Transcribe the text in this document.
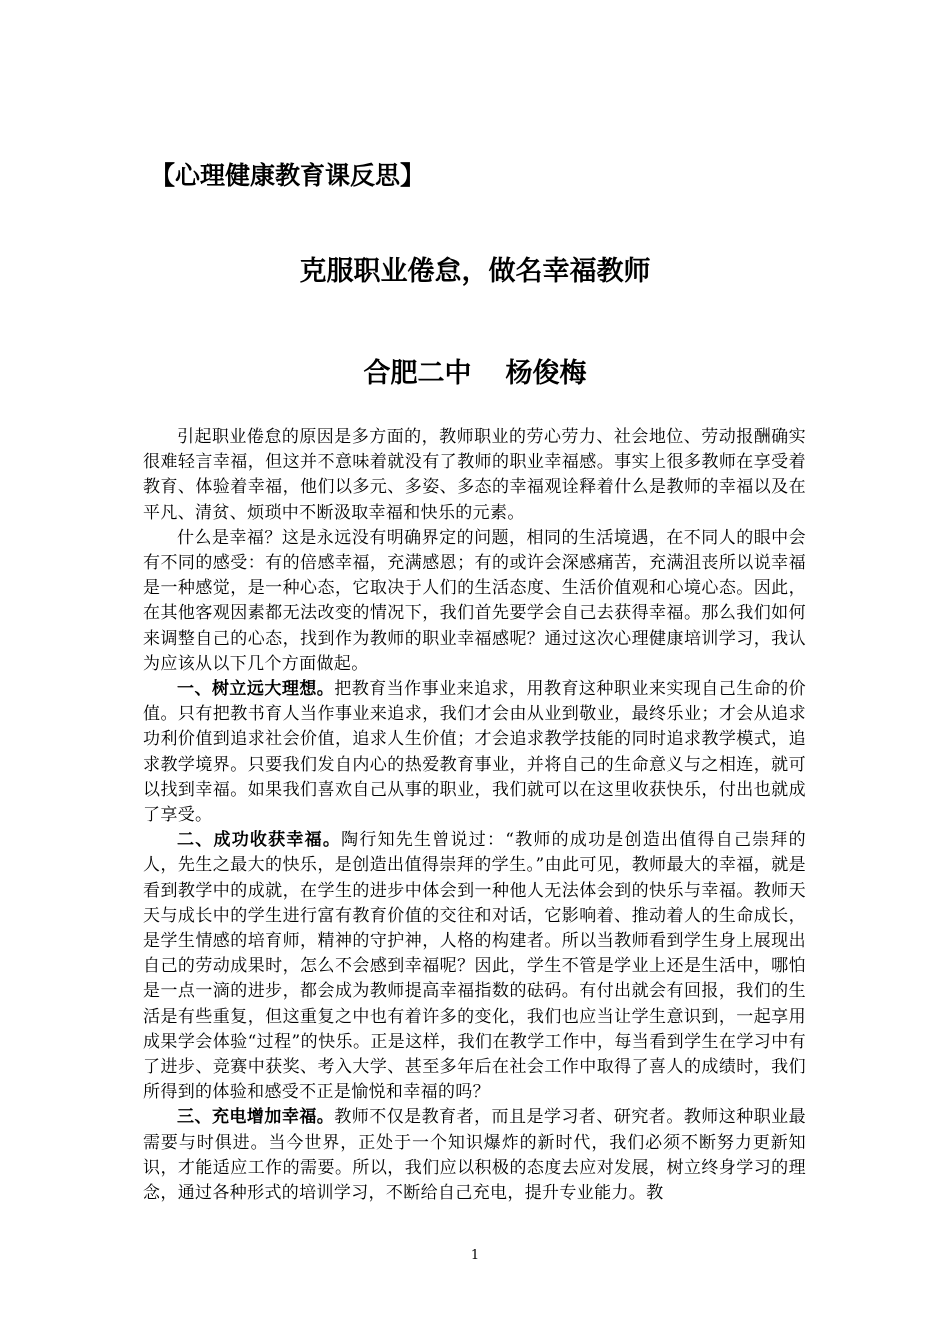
【心理健康教育课反思】
克服职业倦怠，做名幸福教师
合肥二中 杨俊梅

引起职业倦怠的原因是多方面的，教师职业的劳心劳力、社会地位、劳动报酬确实很难轻言幸福，但这并不意味着就没有了教师的职业幸福感。事实上很多教师在享受着教育、体验着幸福，他们以多元、多姿、多态的幸福观诠释着什么是教师的幸福以及在平凡、清贫、烦琐中不断汲取幸福和快乐的元素。

什么是幸福？这是永远没有明确界定的问题，相同的生活境遇，在不同人的眼中会有不同的感受：有的倍感幸福，充满感恩；有的或许会深感痛苦，充满沮丧所以说幸福是一种感觉，是一种心态，它取决于人们的生活态度、生活价值观和心境心态。因此，在其他客观因素都无法改变的情况下，我们首先要学会自己去获得幸福。那么我们如何来调整自己的心态，找到作为教师的职业幸福感呢？通过这次心理健康培训学习，我认为应该从以下几个方面做起。

一、树立远大理想。把教育当作事业来追求，用教育这种职业来实现自己生命的价值。只有把教书育人当作事业来追求，我们才会由从业到敬业，最终乐业；才会从追求功利价值到追求社会价值，追求人生价值；才会追求教学技能的同时追求教学模式，追求教学境界。只要我们发自内心的热爱教育事业，并将自己的生命意义与之相连，就可以找到幸福。如果我们喜欢自己从事的职业，我们就可以在这里收获快乐，付出也就成了享受。

二、成功收获幸福。陶行知先生曾说过：“教师的成功是创造出值得自己崇拜的人，先生之最大的快乐，是创造出值得崇拜的学生。”由此可见，教师最大的幸福，就是看到教学中的成就，在学生的进步中体会到一种他人无法体会到的快乐与幸福。教师天天与成长中的学生进行富有教育价值的交往和对话，它影响着、推动着人的生命成长，是学生情感的培育师，精神的守护神，人格的构建者。所以当教师看到学生身上展现出自己的劳动成果时，怎么不会感到幸福呢？因此，学生不管是学业上还是生活中，哪怕是一点一滴的进步，都会成为教师提高幸福指数的砝码。有付出就会有回报，我们的生活是有些重复，但这重复之中也有着许多的变化，我们也应当让学生意识到，一起享用成果学会体验“过程”的快乐。正是这样，我们在教学工作中，每当看到学生在学习中有了进步、竞赛中获奖、考入大学、甚至多年后在社会工作中取得了喜人的成绩时，我们所得到的体验和感受不正是愉悦和幸福的吗？

三、充电增加幸福。教师不仅是教育者，而且是学习者、研究者。教师这种职业最需要与时俱进。当今世界，正处于一个知识爆炸的新时代，我们必须不断努力更新知识，才能适应工作的需要。所以，我们应以积极的态度去应对发展，树立终身学习的理念，通过各种形式的培训学习，不断给自己充电，提升专业能力。教

1
